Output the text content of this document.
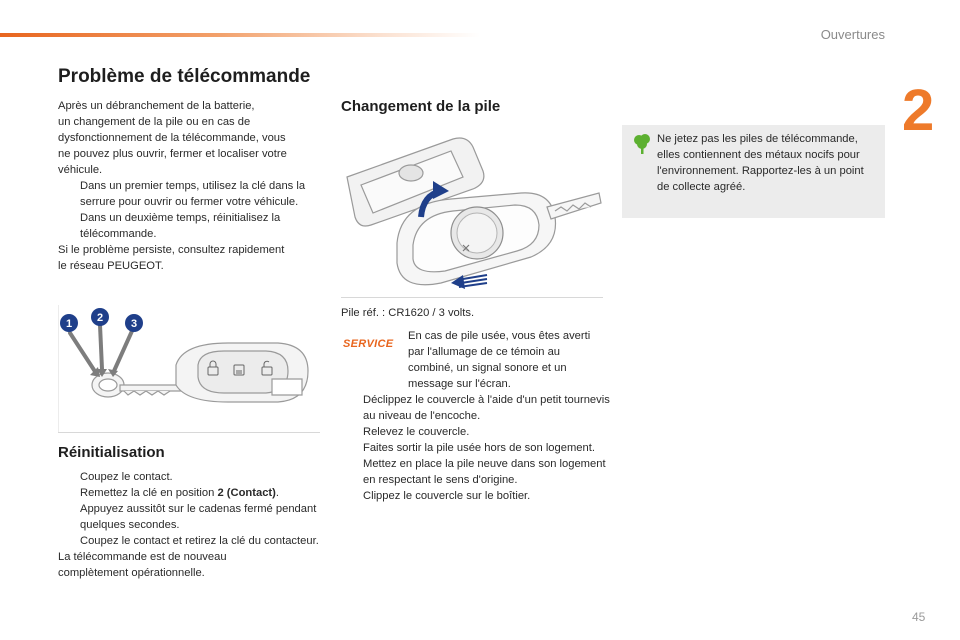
Ouvertures
2
45
Problème de télécommande

Après un débranchement de la batterie,

un changement de la pile ou en cas de

dysfonctionnement de la télécommande, vous

ne pouvez plus ouvrir, fermer et localiser votre

véhicule.

Dans un premier temps, utilisez la clé dans la serrure pour ouvrir ou fermer votre véhicule.
Dans un deuxième temps, réinitialisez la télécommande.

Si le problème persiste, consultez rapidement

le réseau PEUGEOT.

1 2	3
Réinitialisation
Coupez le contact.
Remettez la clé en position 2 (Contact).
Appuyez aussitôt sur le cadenas fermé pendant quelques secondes.
Coupez le contact et retirez la clé du contacteur.

La télécommande est de nouveau

complètement opérationnelle.

Changement de la pile
Pile réf. : CR1620 / 3 volts.
SERVICE
En cas de pile usée, vous êtes averti par l'allumage de ce témoin au combiné, un signal sonore et un message sur l'écran.
Déclippez le couvercle à l'aide d'un petit tournevis au niveau de l'encoche.
Relevez le couvercle.
Faites sortir la pile usée hors de son logement.
Mettez en place la pile neuve dans son logement en respectant le sens d'origine.
Clippez le couvercle sur le boîtier.
Ne jetez pas les piles de télécommande, elles contiennent des métaux nocifs pour l'environnement. Rapportez-les à un point de collecte agréé.
